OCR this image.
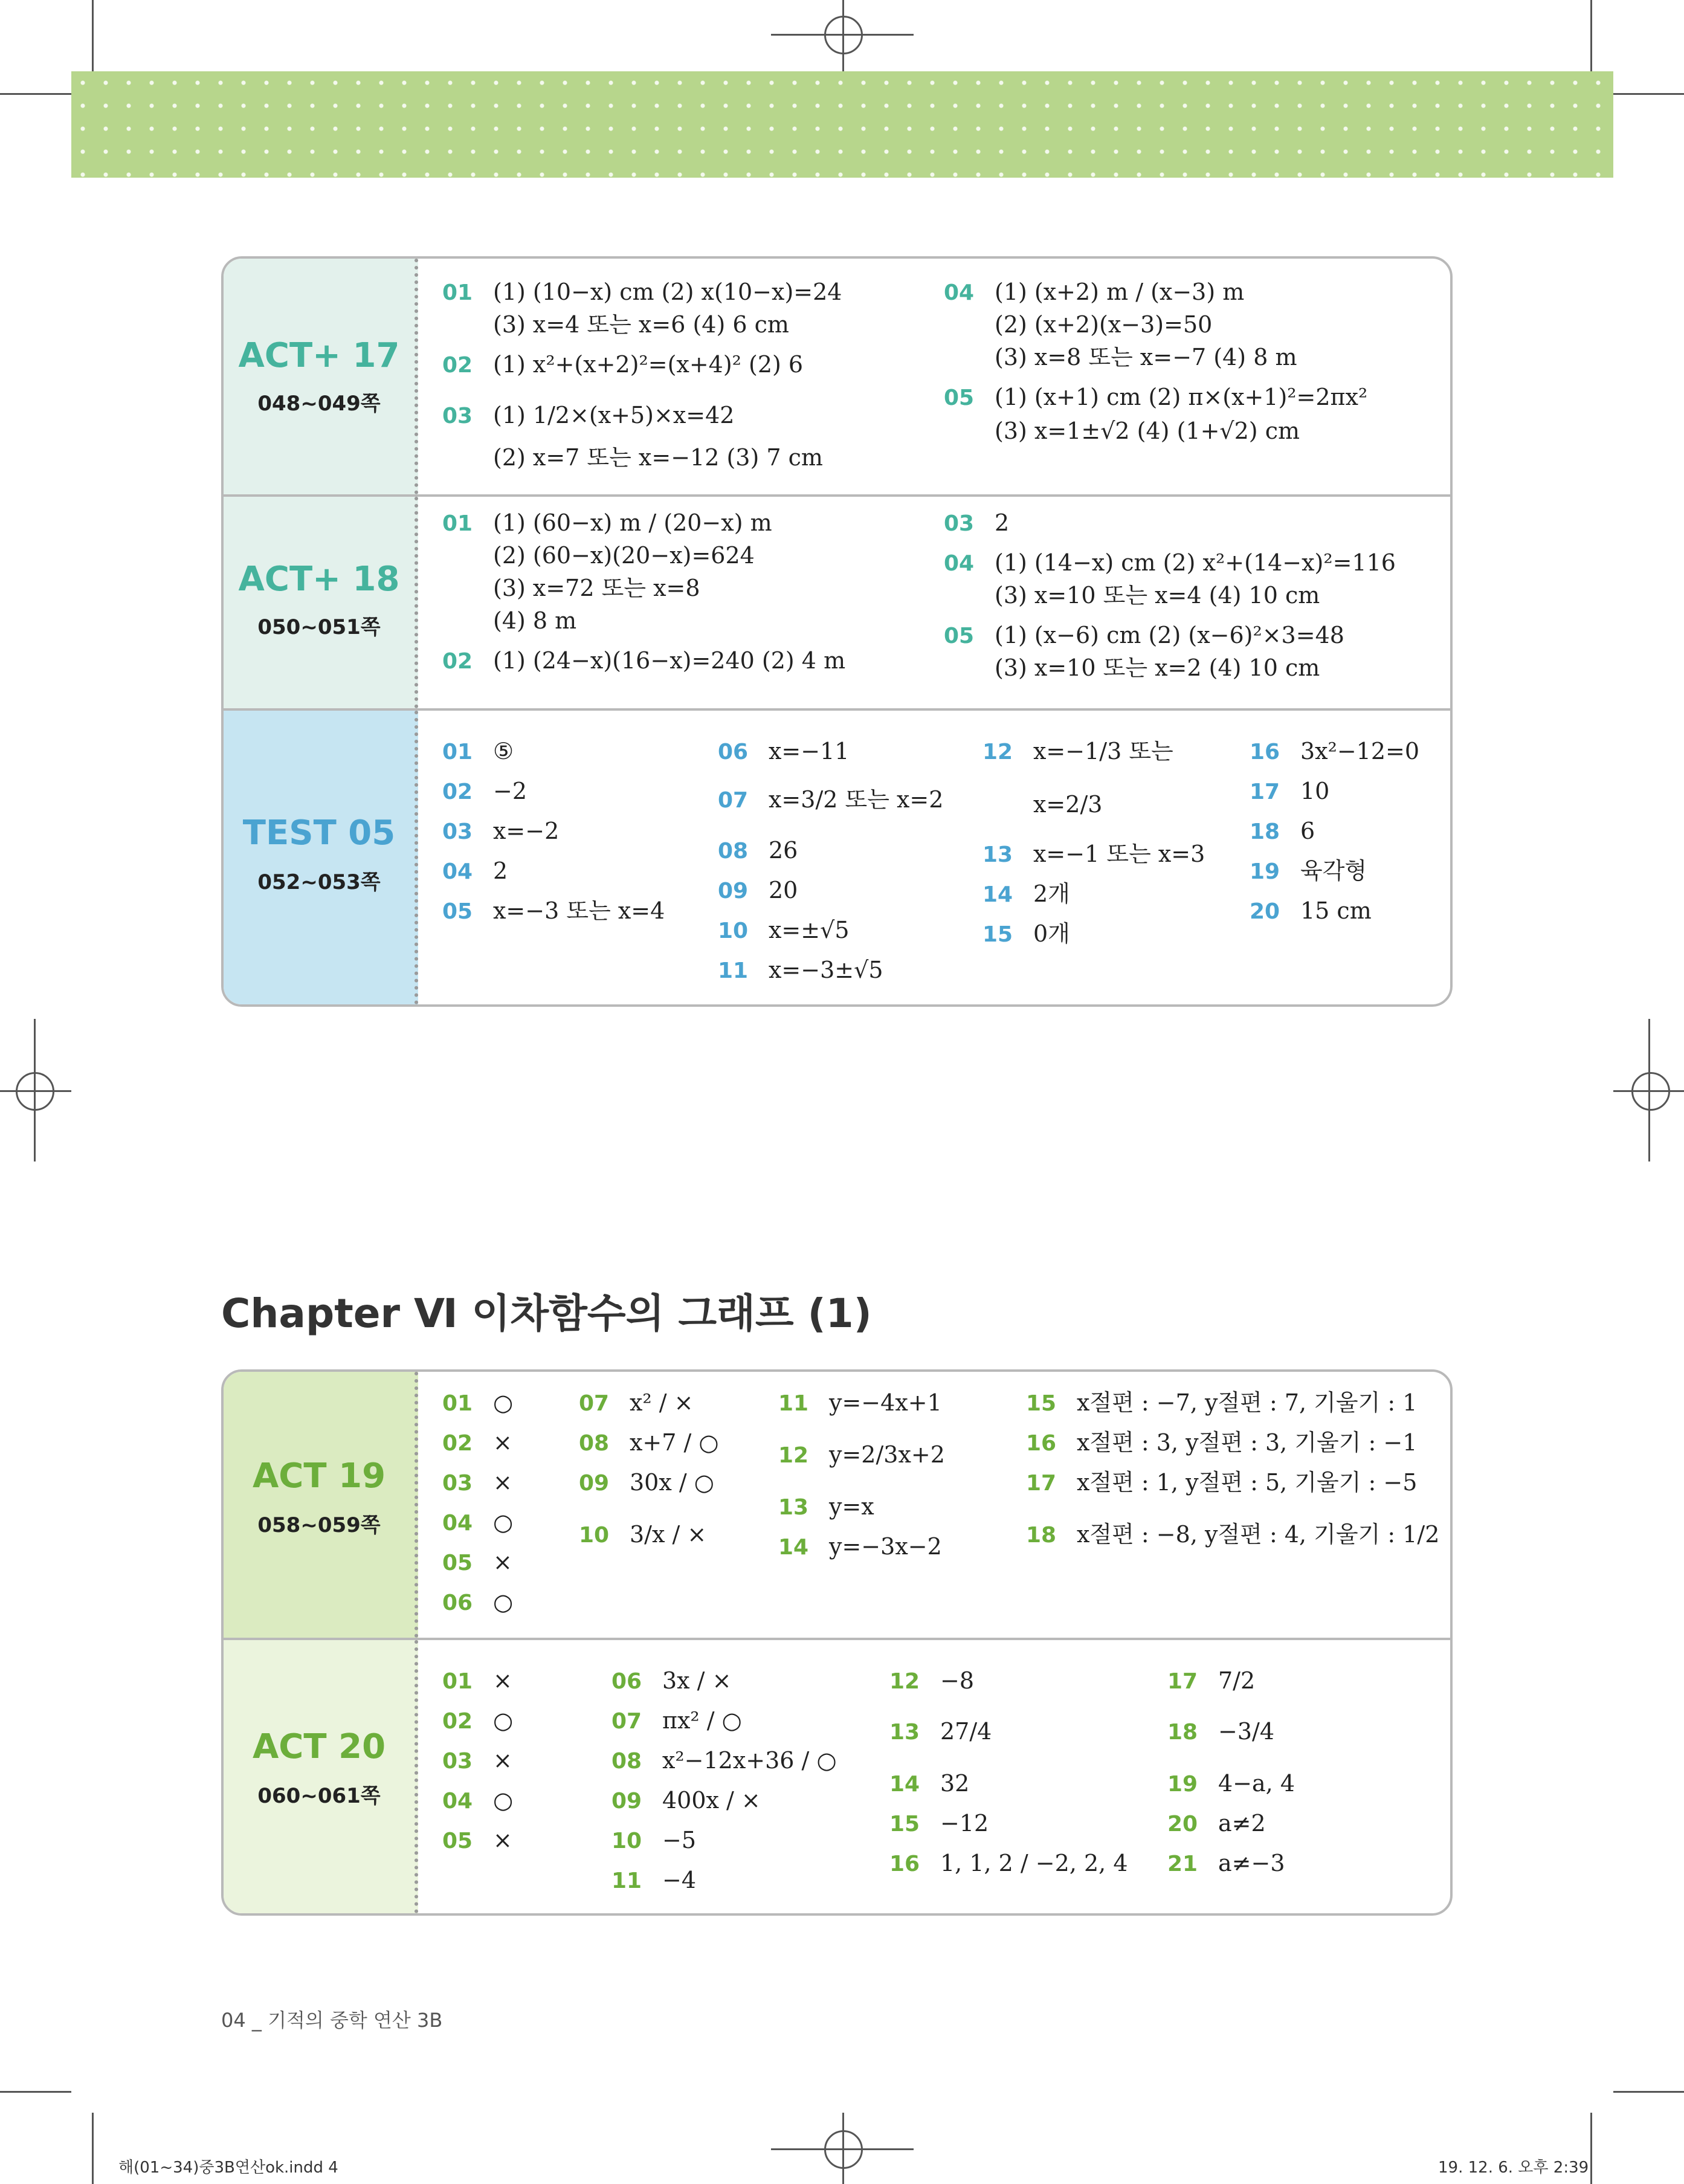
ACT+ 17
048~049쪽
01 (1) (10−x) cm (2) x(10−x)=24
(3) x=4 또는 x=6 (4) 6 cm
02 (1) x²+(x+2)²=(x+4)² (2) 6
03 (1) 1/2×(x+5)×x=42
(2) x=7 또는 x=−12 (3) 7 cm
04 (1) (x+2) m / (x−3) m
(2) (x+2)(x−3)=50
(3) x=8 또는 x=−7 (4) 8 m
05 (1) (x+1) cm (2) π×(x+1)²=2πx²
(3) x=1±√2 (4) (1+√2) cm
ACT+ 18
050~051쪽
01 (1) (60−x) m / (20−x) m
(2) (60−x)(20−x)=624
(3) x=72 또는 x=8
(4) 8 m
02 (1) (24−x)(16−x)=240 (2) 4 m
03 2
04 (1) (14−x) cm (2) x²+(14−x)²=116
(3) x=10 또는 x=4 (4) 10 cm
05 (1) (x−6) cm (2) (x−6)²×3=48
(3) x=10 또는 x=2 (4) 10 cm
TEST 05
052~053쪽
01 ⑤
02 −2
03 x=−2
04 2
05 x=−3 또는 x=4
06 x=−11
07 x=3/2 또는 x=2
08 26
09 20
10 x=±√5
11 x=−3±√5
12 x=−1/3 또는
x=2/3
13 x=−1 또는 x=3
14 2개
15 0개
16 3x²−12=0
17 10
18 6
19 육각형
20 15 cm
Chapter Ⅵ 이차함수의 그래프 (1)
ACT 19
058~059쪽
01 ○
02 ×
03 ×
04 ○
05 ×
06 ○
07 x² / ×
08 x+7 / ○
09 30x / ○
10 3/x / ×
11 y=−4x+1
12 y=2/3x+2
13 y=x
14 y=−3x−2
15 x절편 : −7, y절편 : 7, 기울기 : 1
16 x절편 : 3, y절편 : 3, 기울기 : −1
17 x절편 : 1, y절편 : 5, 기울기 : −5
18 x절편 : −8, y절편 : 4, 기울기 : 1/2
ACT 20
060~061쪽
01 ×
02 ○
03 ×
04 ○
05 ×
06 3x / ×
07 πx² / ○
08 x²−12x+36 / ○
09 400x / ×
10 −5
11 −4
12 −8
13 27/4
14 32
15 −12
16 1, 1, 2 / −2, 2, 4
17 7/2
18 −3/4
19 4−a, 4
20 a≠2
21 a≠−3
04 _ 기적의 중학 연산 3B
해(01~34)중3B연산ok.indd 4	19. 12. 6. 오후 2:39
